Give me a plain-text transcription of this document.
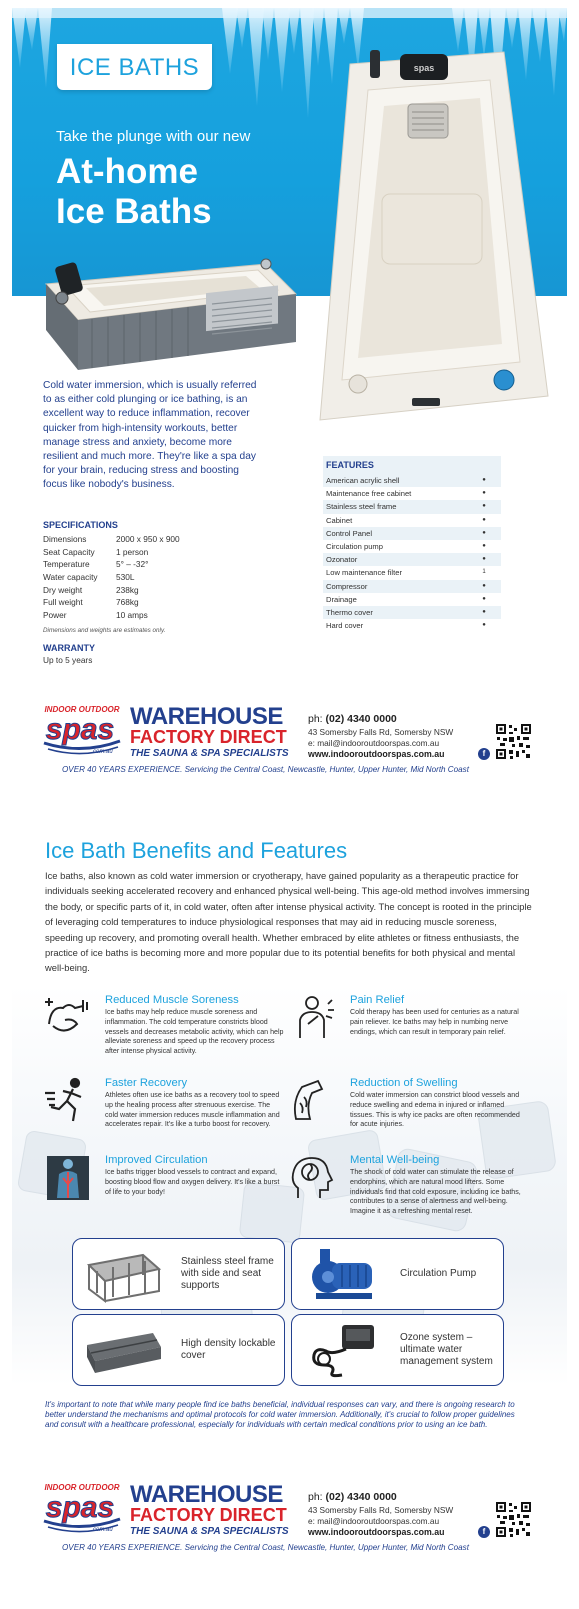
ICE BATHS
Take the plunge with our new
At-home
Ice Baths
spas
Cold water immersion, which is usually referred to as either cold plunging or ice bathing, is an excellent way to reduce inflammation, recover quicker from high-intensity workouts, better manage stress and anxiety, become more resilient and much more. They're like a spa day for your brain, reducing stress and boosting focus like nobody's business.
SPECIFICATIONS
Dimensions	2000 x 950 x 900
Seat Capacity	1 person
Temperature	5° – -32°
Water capacity	530L
Dry weight	238kg
Full weight	768kg
Power	10 amps
Dimensions and weights are estimates only.
WARRANTY
Up to 5 years
FEATURES
American acrylic shell	●
Maintenance free cabinet	●
Stainless steel frame	●
Cabinet	●
Control Panel	●
Circulation pump	●
Ozonator	●
Low maintenance filter	1
Compressor	●
Drainage	●
Thermo cover	●
Hard cover	●
INDOOR OUTDOOR
spas
.com.au
WAREHOUSE
FACTORY DIRECT
THE SAUNA & SPA SPECIALISTS
ph: (02) 4340 0000
43 Somersby Falls Rd, Somersby NSW
e: mail@indooroutdoorspas.com.au
www.indooroutdoorspas.com.au	f
OVER 40 YEARS EXPERIENCE. Servicing the Central Coast, Newcastle, Hunter, Upper Hunter, Mid North Coast
Ice Bath Benefits and Features
Ice baths, also known as cold water immersion or cryotherapy, have gained popularity as a therapeutic practice for individuals seeking accelerated recovery and enhanced physical well-being. This age-old method involves immersing the body, or specific parts of it, in cold water, often after intense physical activity. The concept is rooted in the principle of leveraging cold temperatures to induce physiological responses that may aid in reducing muscle soreness, speeding up recovery, and promoting overall health. Whether embraced by elite athletes or fitness enthusiasts, the practice of ice baths is becoming more and more popular due to its potential benefits for both physical and mental well-being.
Reduced Muscle Soreness

Ice baths may help reduce muscle soreness and inflammation. The cold temperature constricts blood vessels and decreases metabolic activity, which can help alleviate soreness and speed up the recovery process after intense physical activity.

Pain Relief

Cold therapy has been used for centuries as a natural pain reliever. Ice baths may help in numbing nerve endings, which can result in temporary pain relief.

Faster Recovery

Athletes often use ice baths as a recovery tool to speed up the healing process after strenuous exercise. The cold water immersion reduces muscle inflammation and accelerates repair. It's like a turbo boost for recovery.

Reduction of Swelling

Cold water immersion can constrict blood vessels and reduce swelling and edema in injured or inflamed tissues. This is why ice packs are often recommended for acute injuries.

Improved Circulation

Ice baths trigger blood vessels to contract and expand, boosting blood flow and oxygen delivery. It's like a burst of life to your body!

Mental Well-being

The shock of cold water can stimulate the release of endorphins, which are natural mood lifters. Some individuals find that cold exposure, including ice baths, contributes to a sense of alertness and well-being. Imagine it as a refreshing mental reset.

Stainless steel frame with side and seat supports
Circulation Pump
High density lockable cover
Ozone system – ultimate water management system
It's important to note that while many people find ice baths beneficial, individual responses can vary, and there is ongoing research to better understand the mechanisms and optimal protocols for cold water immersion. Additionally, it's crucial to follow proper guidelines and consult with a healthcare professional, especially for individuals with certain medical conditions prior to using an ice bath.
INDOOR OUTDOOR
spas
.com.au
WAREHOUSE
FACTORY DIRECT
THE SAUNA & SPA SPECIALISTS
ph: (02) 4340 0000
43 Somersby Falls Rd, Somersby NSW
e: mail@indooroutdoorspas.com.au
www.indooroutdoorspas.com.au	f
OVER 40 YEARS EXPERIENCE. Servicing the Central Coast, Newcastle, Hunter, Upper Hunter, Mid North Coast
